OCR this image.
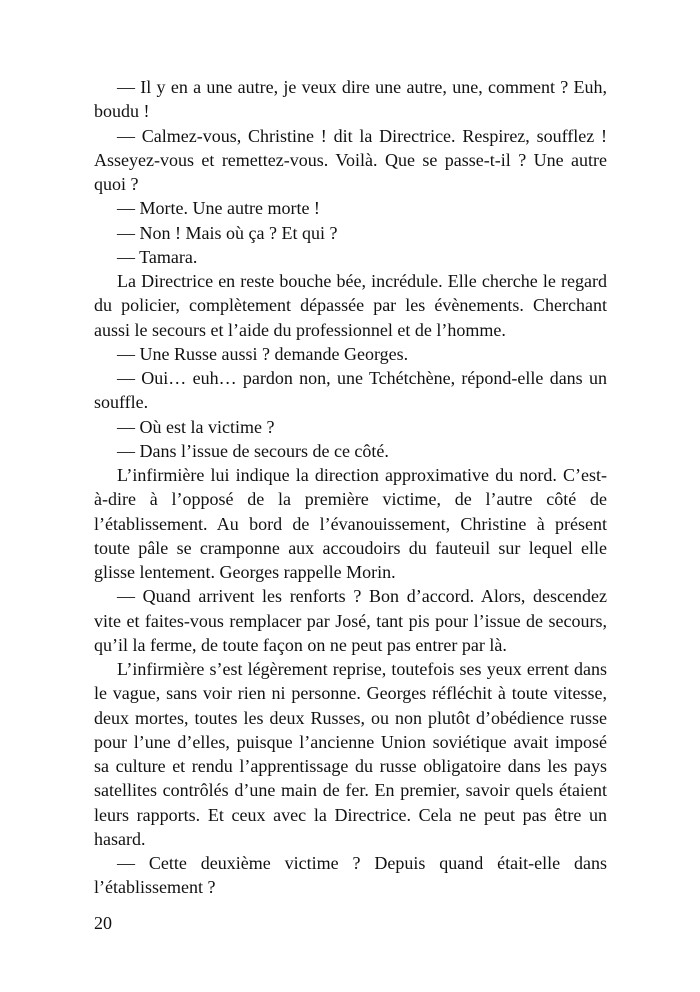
— Il y en a une autre, je veux dire une autre, une, comment ? Euh,
boudu !
— Calmez-vous, Christine ! dit la Directrice. Respirez, soufflez !
Asseyez-vous et remettez-vous. Voilà. Que se passe-t-il ? Une autre
quoi ?
— Morte. Une autre morte !
— Non ! Mais où ça ? Et qui ?
— Tamara.
La Directrice en reste bouche bée, incrédule. Elle cherche le regard
du policier, complètement dépassée par les évènements. Cherchant
aussi le secours et l’aide du professionnel et de l’homme.
— Une Russe aussi ? demande Georges.
— Oui… euh… pardon non, une Tchétchène, répond-elle dans un
souffle.
— Où est la victime ?
— Dans l’issue de secours de ce côté.
L’infirmière lui indique la direction approximative du nord. C’est-
à-dire à l’opposé de la première victime, de l’autre côté de
l’établissement. Au bord de l’évanouissement, Christine à présent
toute pâle se cramponne aux accoudoirs du fauteuil sur lequel elle
glisse lentement. Georges rappelle Morin.
— Quand arrivent les renforts ? Bon d’accord. Alors, descendez
vite et faites-vous remplacer par José, tant pis pour l’issue de secours,
qu’il la ferme, de toute façon on ne peut pas entrer par là.
L’infirmière s’est légèrement reprise, toutefois ses yeux errent dans
le vague, sans voir rien ni personne. Georges réfléchit à toute vitesse,
deux mortes, toutes les deux Russes, ou non plutôt d’obédience russe
pour l’une d’elles, puisque l’ancienne Union soviétique avait imposé
sa culture et rendu l’apprentissage du russe obligatoire dans les pays
satellites contrôlés d’une main de fer. En premier, savoir quels étaient
leurs rapports. Et ceux avec la Directrice. Cela ne peut pas être un
hasard.
— Cette deuxième victime ? Depuis quand était-elle dans
l’établissement ?
20
